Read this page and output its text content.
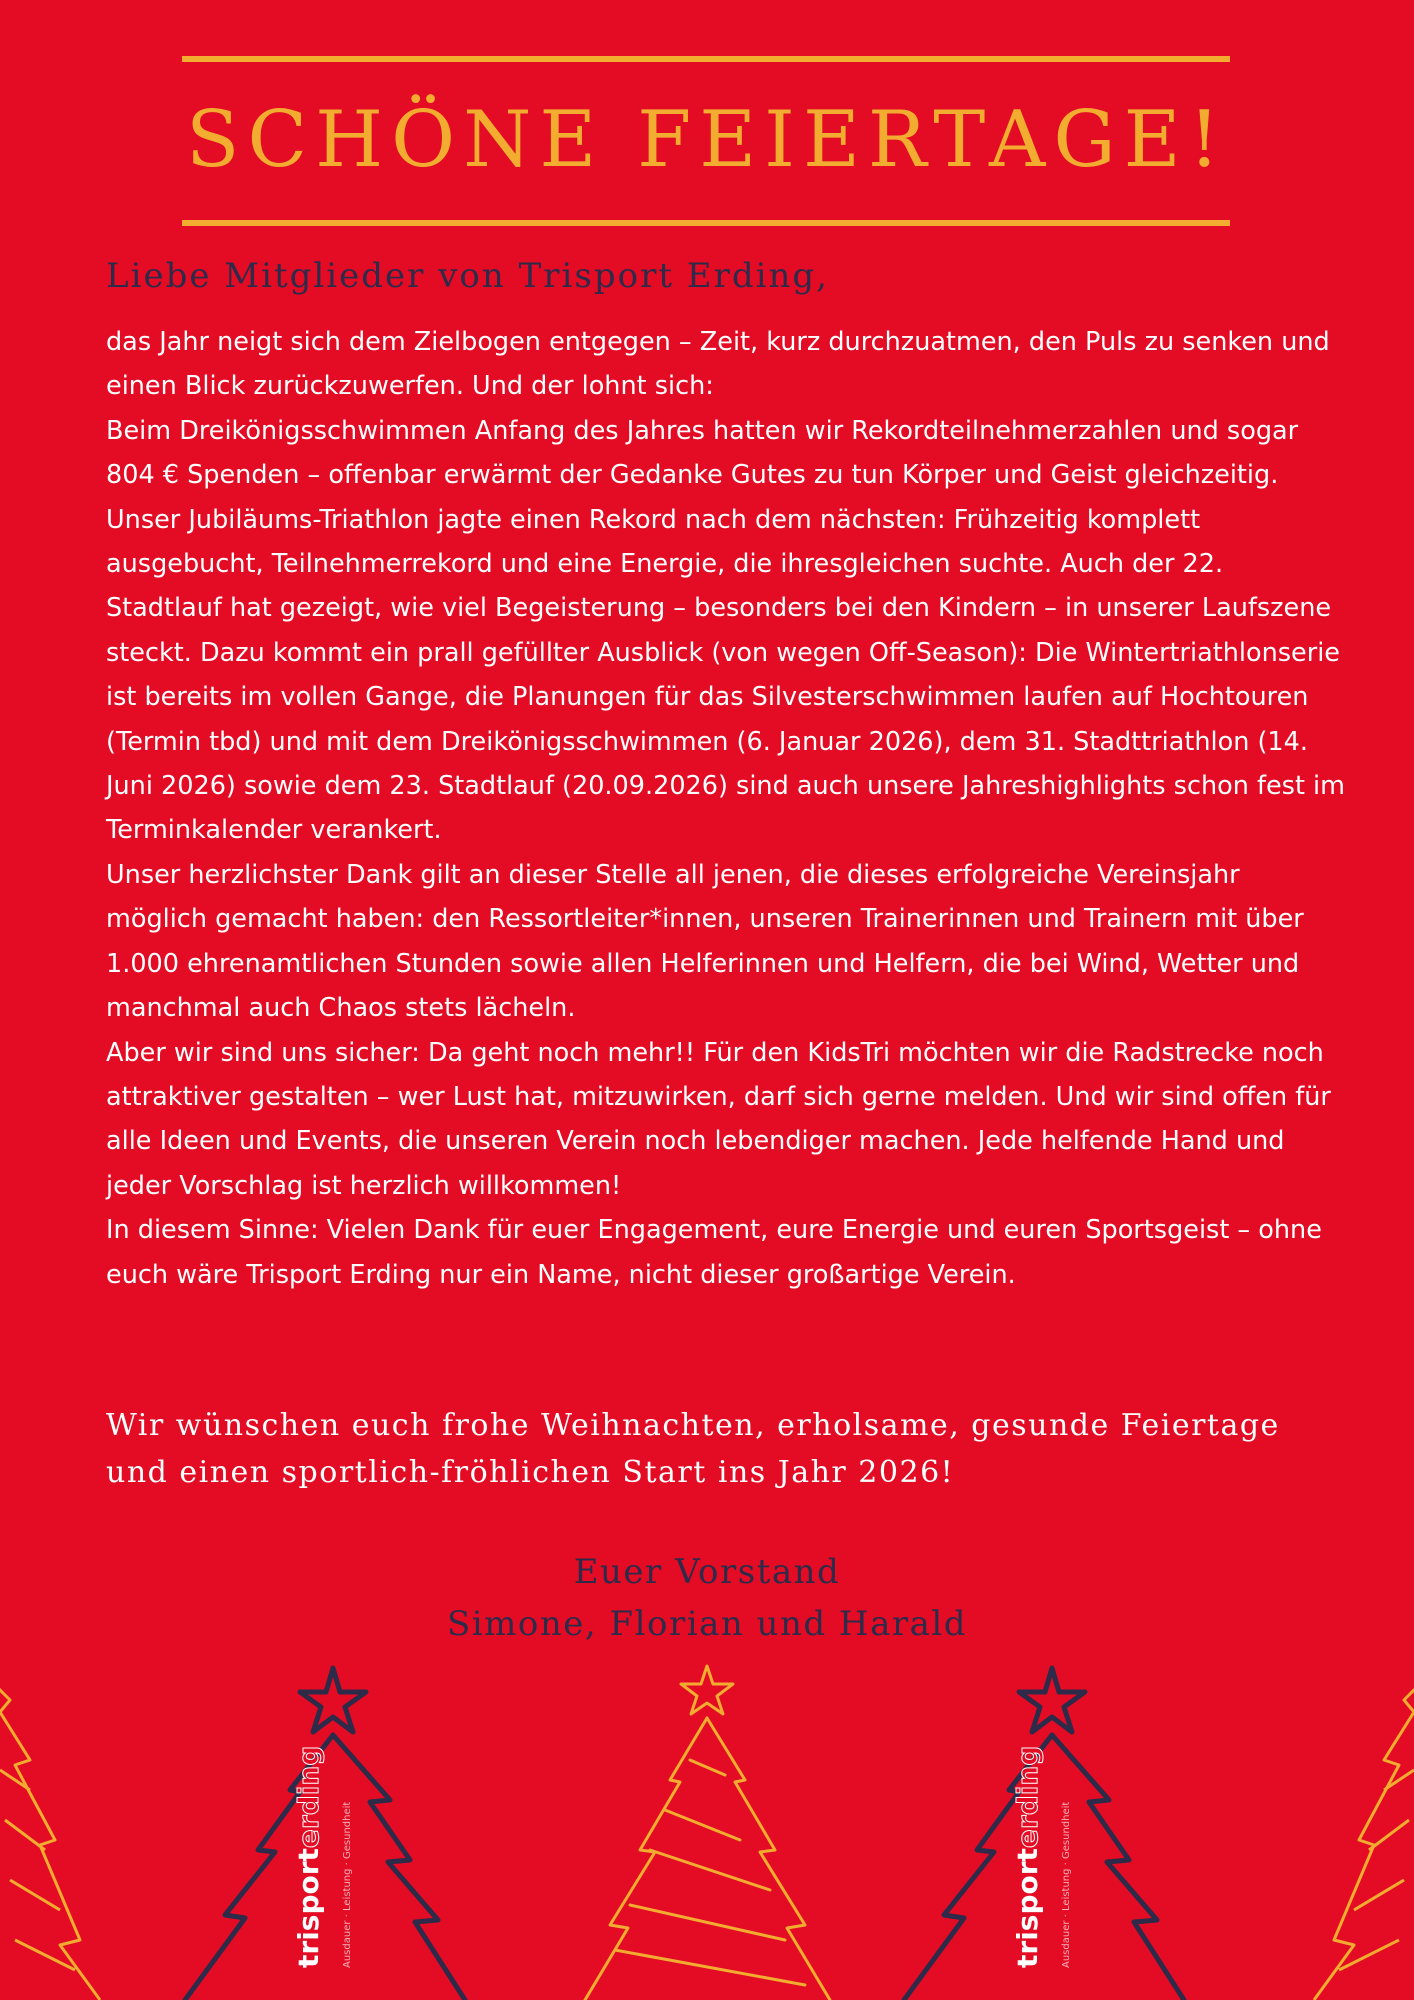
SCHÖNE FEIERTAGE!
Liebe Mitglieder von Trisport Erding,

das Jahr neigt sich dem Zielbogen entgegen – Zeit, kurz durchzuatmen, den Puls zu senken und einen Blick zurückzuwerfen. Und der lohnt sich:

Beim Dreikönigsschwimmen Anfang des Jahres hatten wir Rekordteilnehmerzahlen und sogar 804 € Spenden – offenbar erwärmt der Gedanke Gutes zu tun Körper und Geist gleichzeitig. Unser Jubiläums-Triathlon jagte einen Rekord nach dem nächsten: Frühzeitig komplett ausgebucht, Teilnehmerrekord und eine Energie, die ihresgleichen suchte. Auch der 22. Stadtlauf hat gezeigt, wie viel Begeisterung – besonders bei den Kindern – in unserer Laufszene steckt. Dazu kommt ein prall gefüllter Ausblick (von wegen Off-Season): Die Wintertriathlonserie ist bereits im vollen Gange, die Planungen für das Silvesterschwimmen laufen auf Hochtouren (Termin tbd) und mit dem Dreikönigsschwimmen (6. Januar 2026), dem 31. Stadttriathlon (14. Juni 2026) sowie dem 23. Stadtlauf (20.09.2026) sind auch unsere Jahreshighlights schon fest im Terminkalender verankert.

Unser herzlichster Dank gilt an dieser Stelle all jenen, die dieses erfolgreiche Vereinsjahr möglich gemacht haben: den Ressortleiter*innen, unseren Trainerinnen und Trainern mit über 1.000 ehrenamtlichen Stunden sowie allen Helferinnen und Helfern, die bei Wind, Wetter und manchmal auch Chaos stets lächeln.

Aber wir sind uns sicher: Da geht noch mehr!! Für den KidsTri möchten wir die Radstrecke noch attraktiver gestalten – wer Lust hat, mitzuwirken, darf sich gerne melden. Und wir sind offen für alle Ideen und Events, die unseren Verein noch lebendiger machen. Jede helfende Hand und jeder Vorschlag ist herzlich willkommen!

In diesem Sinne: Vielen Dank für euer Engagement, eure Energie und euren Sportsgeist – ohne euch wäre Trisport Erding nur ein Name, nicht dieser großartige Verein.

Wir wünschen euch frohe Weihnachten, erholsame, gesunde Feiertage und einen sportlich-fröhlichen Start ins Jahr 2026!
Euer Vorstand
Simone, Florian und Harald
trisporterding
Ausdauer · Leistung · Gesundheit	trisporterding
Ausdauer · Leistung · Gesundheit
